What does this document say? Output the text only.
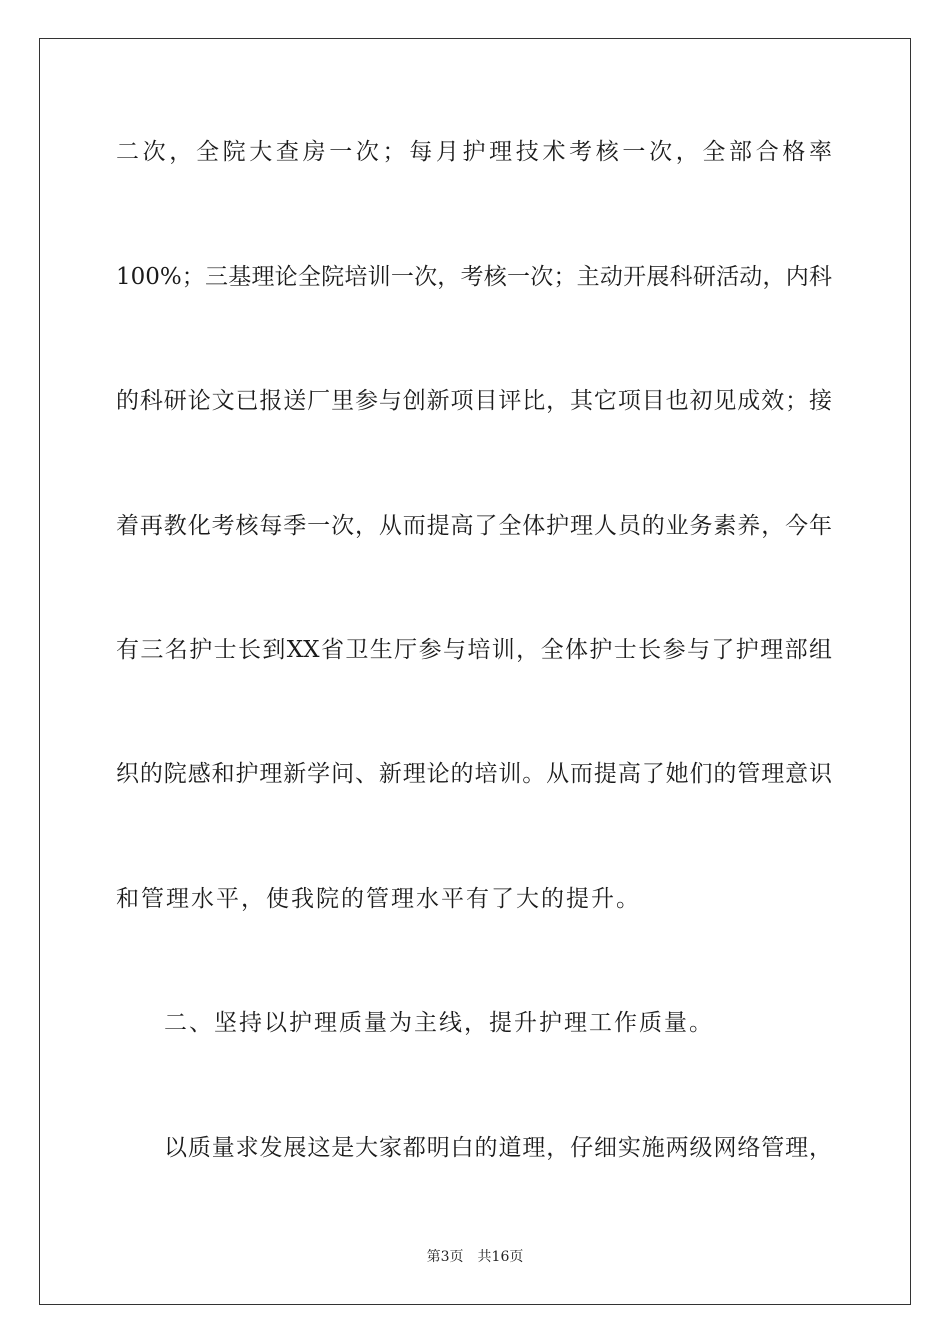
二次，全院大查房一次；每月护理技术考核一次，全部合格率
100%；三基理论全院培训一次，考核一次；主动开展科研活动，内科
的科研论文已报送厂里参与创新项目评比，其它项目也初见成效；接
着再教化考核每季一次，从而提高了全体护理人员的业务素养，今年
有三名护士长到XX省卫生厅参与培训，全体护士长参与了护理部组
织的院感和护理新学问、新理论的培训。从而提高了她们的管理意识
和管理水平，使我院的管理水平有了大的提升。
二、坚持以护理质量为主线，提升护理工作质量。
以质量求发展这是大家都明白的道理，仔细实施两级网络管理，
第3页 共16页
